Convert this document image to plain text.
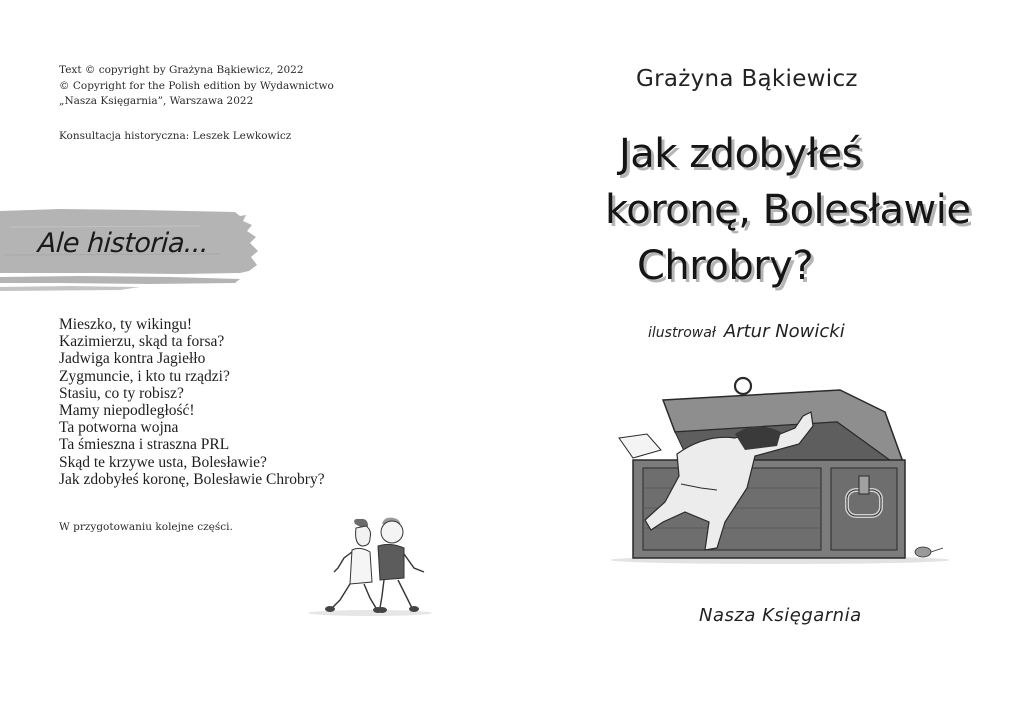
Text © copyright by Grażyna Bąkiewicz, 2022
© Copyright for the Polish edition by Wydawnictwo
„Nasza Księgarnia”, Warszawa 2022
Konsultacja historyczna: Leszek Lewkowicz
Ale historia...
Mieszko, ty wikingu!
Kazimierzu, skąd ta forsa?
Jadwiga kontra Jagiełło
Zygmuncie, i kto tu rządzi?
Stasiu, co ty robisz?
Mamy niepodległość!
Ta potworna wojna
Ta śmieszna i straszna PRL
Skąd te krzywe usta, Bolesławie?
Jak zdobyłeś koronę, Bolesławie Chrobry?
W przygotowaniu kolejne części.
Grażyna Bąkiewicz
Jak zdobyłeś
koronę, Bolesławie
Chrobry?
ilustrował Artur Nowicki
Nasza Księgarnia
